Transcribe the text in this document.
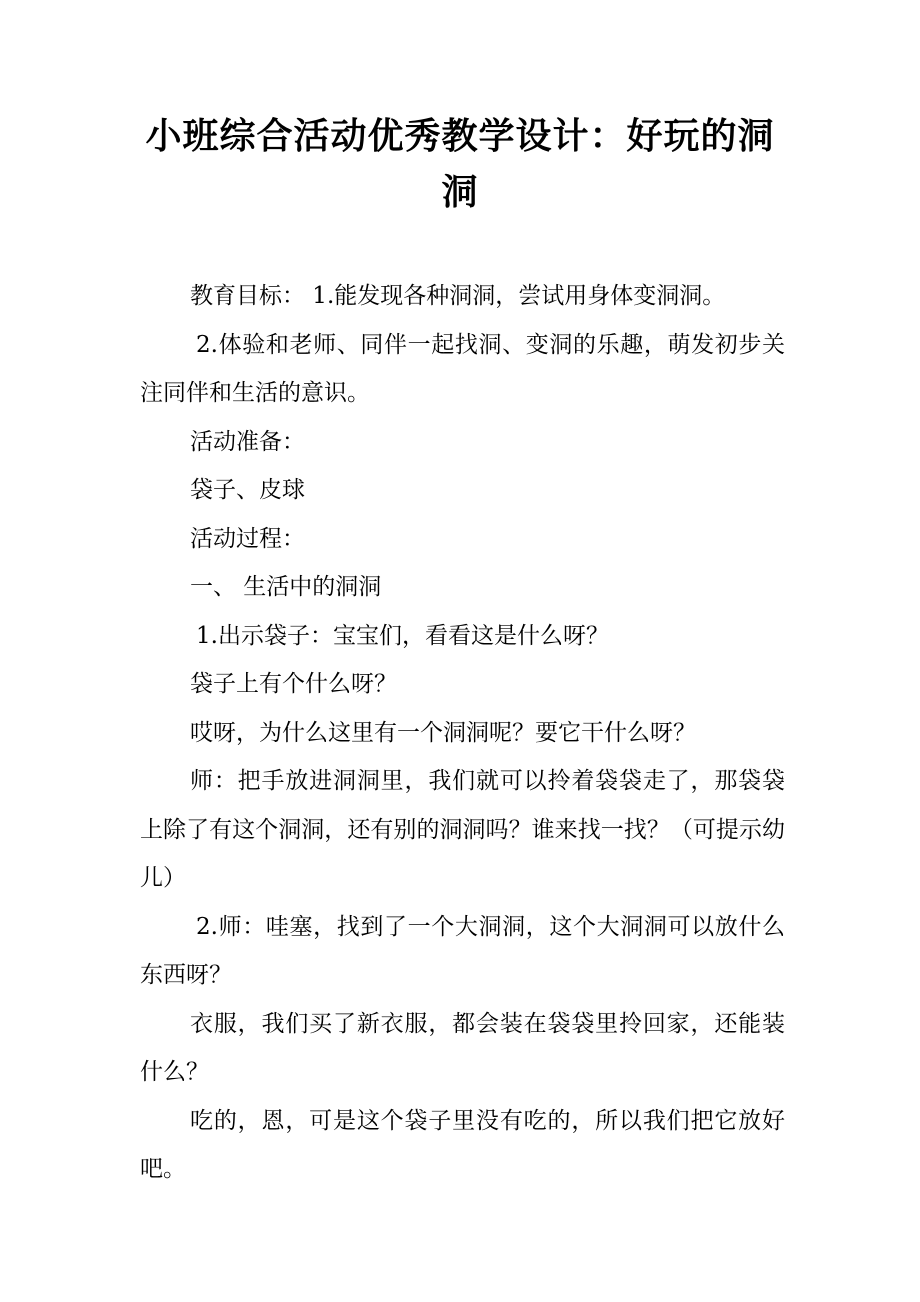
小班综合活动优秀教学设计：好玩的洞洞

教育目标： 1.能发现各种洞洞，尝试用身体变洞洞。

2.体验和老师、同伴一起找洞、变洞的乐趣，萌发初步关注同伴和生活的意识。

活动准备：

袋子、皮球

活动过程：

一、 生活中的洞洞

1.出示袋子：宝宝们，看看这是什么呀？

袋子上有个什么呀？

哎呀，为什么这里有一个洞洞呢？要它干什么呀？

师：把手放进洞洞里，我们就可以拎着袋袋走了，那袋袋上除了有这个洞洞，还有别的洞洞吗？谁来找一找？（可提示幼儿）

2.师：哇塞，找到了一个大洞洞，这个大洞洞可以放什么东西呀？

衣服，我们买了新衣服，都会装在袋袋里拎回家，还能装什么？

吃的，恩，可是这个袋子里没有吃的，所以我们把它放好吧。
